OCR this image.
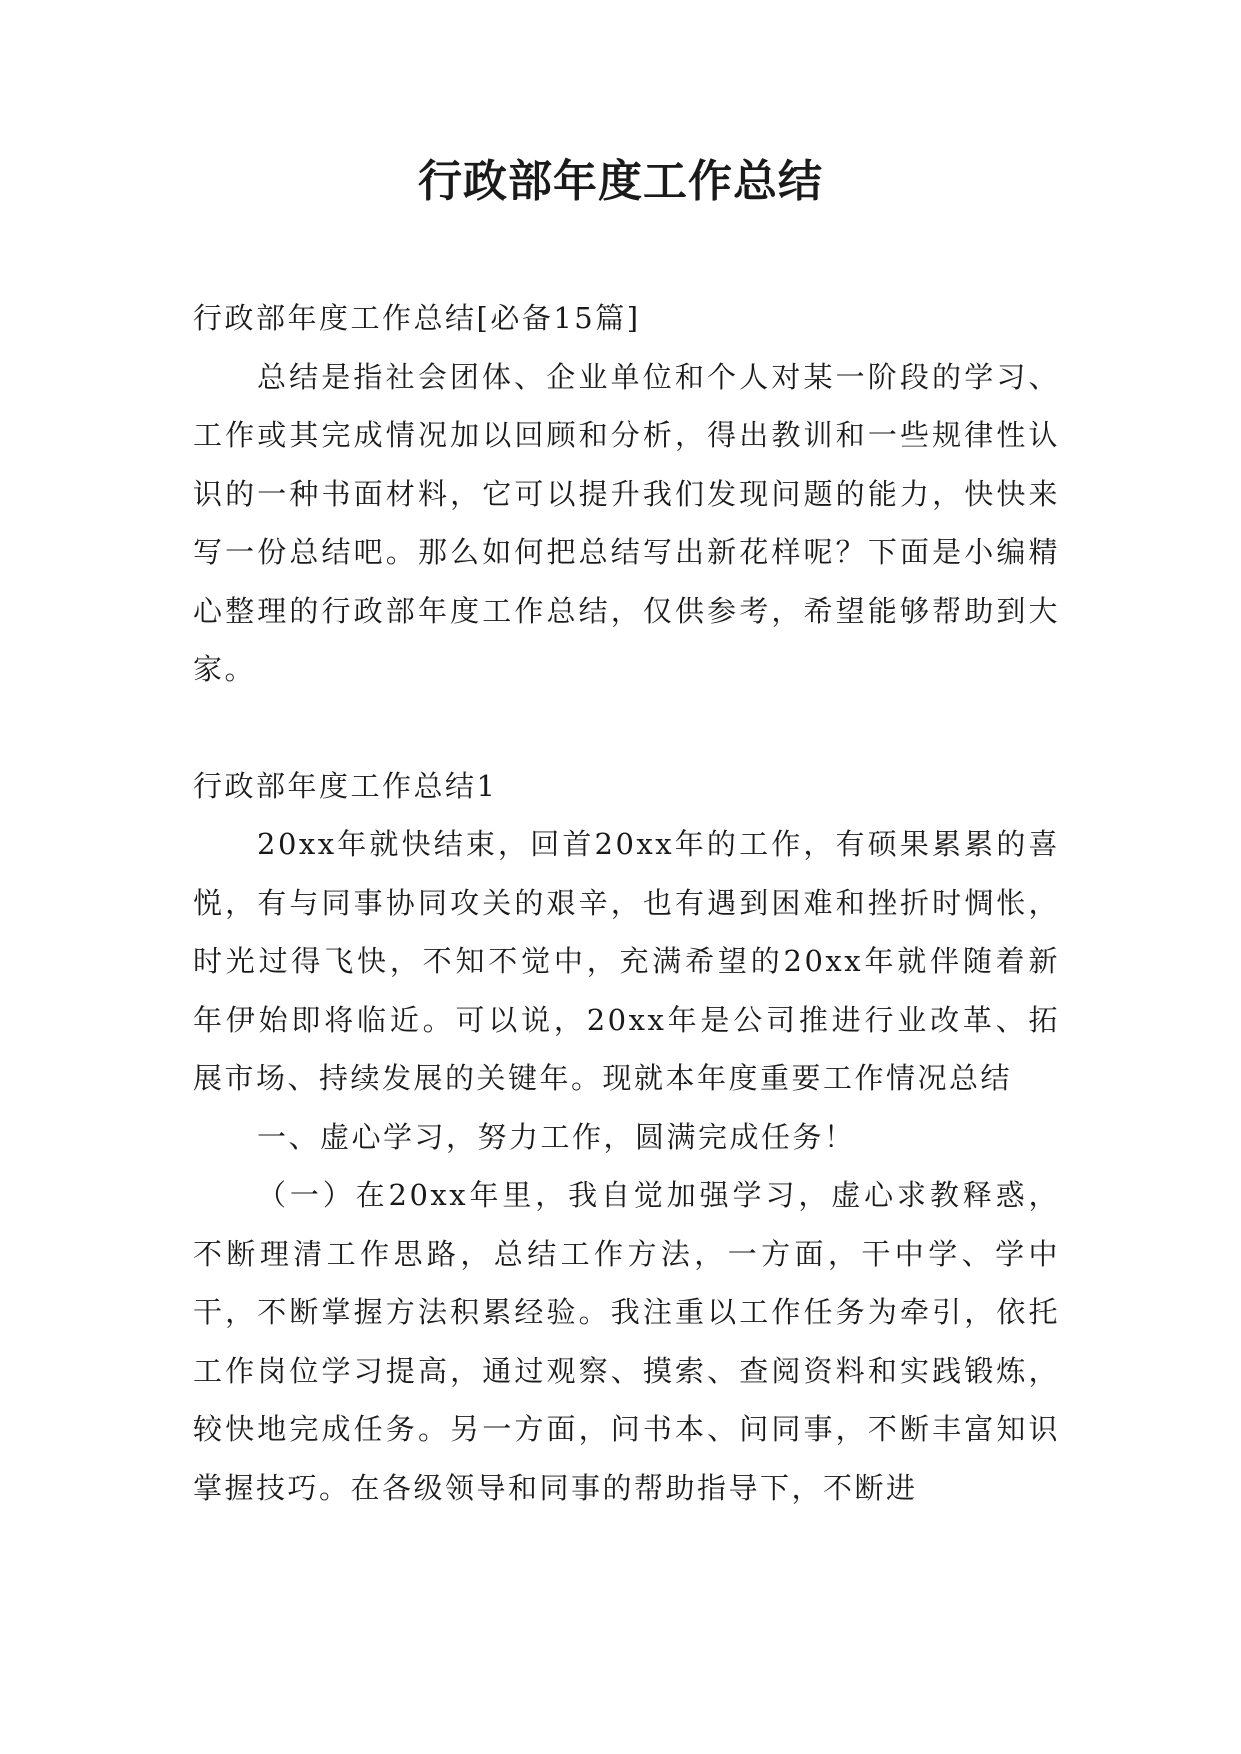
行政部年度工作总结

行政部年度工作总结[必备15篇]

总结是指社会团体、企业单位和个人对某一阶段的学习、工作或其完成情况加以回顾和分析，得出教训和一些规律性认识的一种书面材料，它可以提升我们发现问题的能力，快快来写一份总结吧。那么如何把总结写出新花样呢？下面是小编精心整理的行政部年度工作总结，仅供参考，希望能够帮助到大家。

行政部年度工作总结1

20xx年就快结束，回首20xx年的工作，有硕果累累的喜悦，有与同事协同攻关的艰辛，也有遇到困难和挫折时惆怅，时光过得飞快，不知不觉中，充满希望的20xx年就伴随着新年伊始即将临近。可以说，20xx年是公司推进行业改革、拓展市场、持续发展的关键年。现就本年度重要工作情况总结

一、虚心学习，努力工作，圆满完成任务！

（一）在20xx年里，我自觉加强学习，虚心求教释惑，不断理清工作思路，总结工作方法，一方面，干中学、学中干，不断掌握方法积累经验。我注重以工作任务为牵引，依托工作岗位学习提高，通过观察、摸索、查阅资料和实践锻炼，较快地完成任务。另一方面，问书本、问同事，不断丰富知识掌握技巧。在各级领导和同事的帮助指导下，不断进
